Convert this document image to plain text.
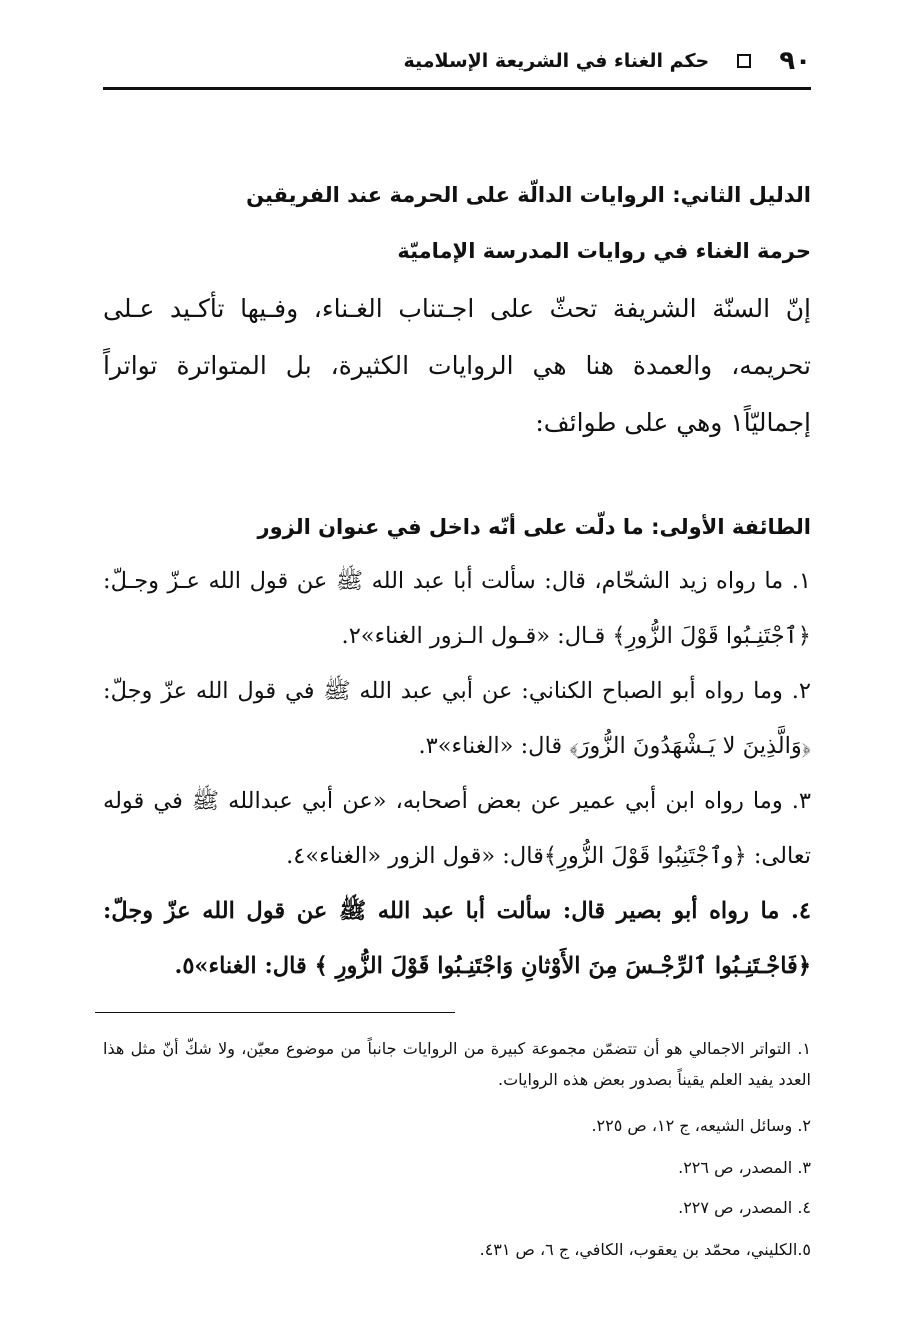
٩٠
حكم الغناء في الشريعة الإسلامية
الدليل الثاني: الروايات الدالّة على الحرمة عند الفريقين
حرمة الغناء في روايات المدرسة الإماميّة
إنّ السنّة الشريفة تحثّ على اجـتناب الغـناء، وفـيها تأكـيد عـلى تحريمه، والعمدة هنا هي الروايات الكثيرة، بل المتواترة تواتراً إجماليّاً١ وهي على طوائف:
الطائفة الأولى: ما دلّت على أنّه داخل في عنوان الزور
١. ما رواه زيد الشحّام، قال: سألت أبا عبد الله ﷺ عن قول الله عـزّ وجـلّ: ﴿ٱجْتَنِـبُوا قَوْلَ الزُّورِ﴾ قـال: «قـول الـزور الغناء»٢.
٢. وما رواه أبو الصباح الكناني: عن أبي عبد الله ﷺ في قول الله عزّ وجلّ: ﴿وَالَّذِينَ لا يَـشْهَدُونَ الزُّورَ﴾ قال: «الغناء»٣.
٣. وما رواه ابن أبي عمير عن بعض أصحابه، «عن أبي عبدالله ﷺ في قوله تعالى: ﴿وٱجْتَنِبُوا قَوْلَ الزُّورِ﴾قال: «قول الزور «الغناء»٤.
٤. ما رواه أبو بصير قال: سألت أبا عبد الله ﷺ عن قول الله عزّ وجلّ: ﴿فَاجْـتَنِـبُوا ٱلرِّجْـسَ مِنَ الأَوْثانِ وَاجْتَنِـبُوا قَوْلَ الزُّورِ ﴾ قال: الغناء»٥.
١. التواتر الاجمالي هو أن تتضمّن مجموعة كبيرة من الروايات جانباً من موضوع معيّن، ولا شكّ أنّ مثل هذا العدد يفيد العلم يقيناً بصدور بعض هذه الروايات.
٢. وسائل الشيعه، ج ١٢، ص ٢٢٥.
٣. المصدر، ص ٢٢٦.
٤. المصدر، ص ٢٢٧.
٥.الكليني، محمّد بن يعقوب، الكافي، ج ٦، ص ٤٣١.
